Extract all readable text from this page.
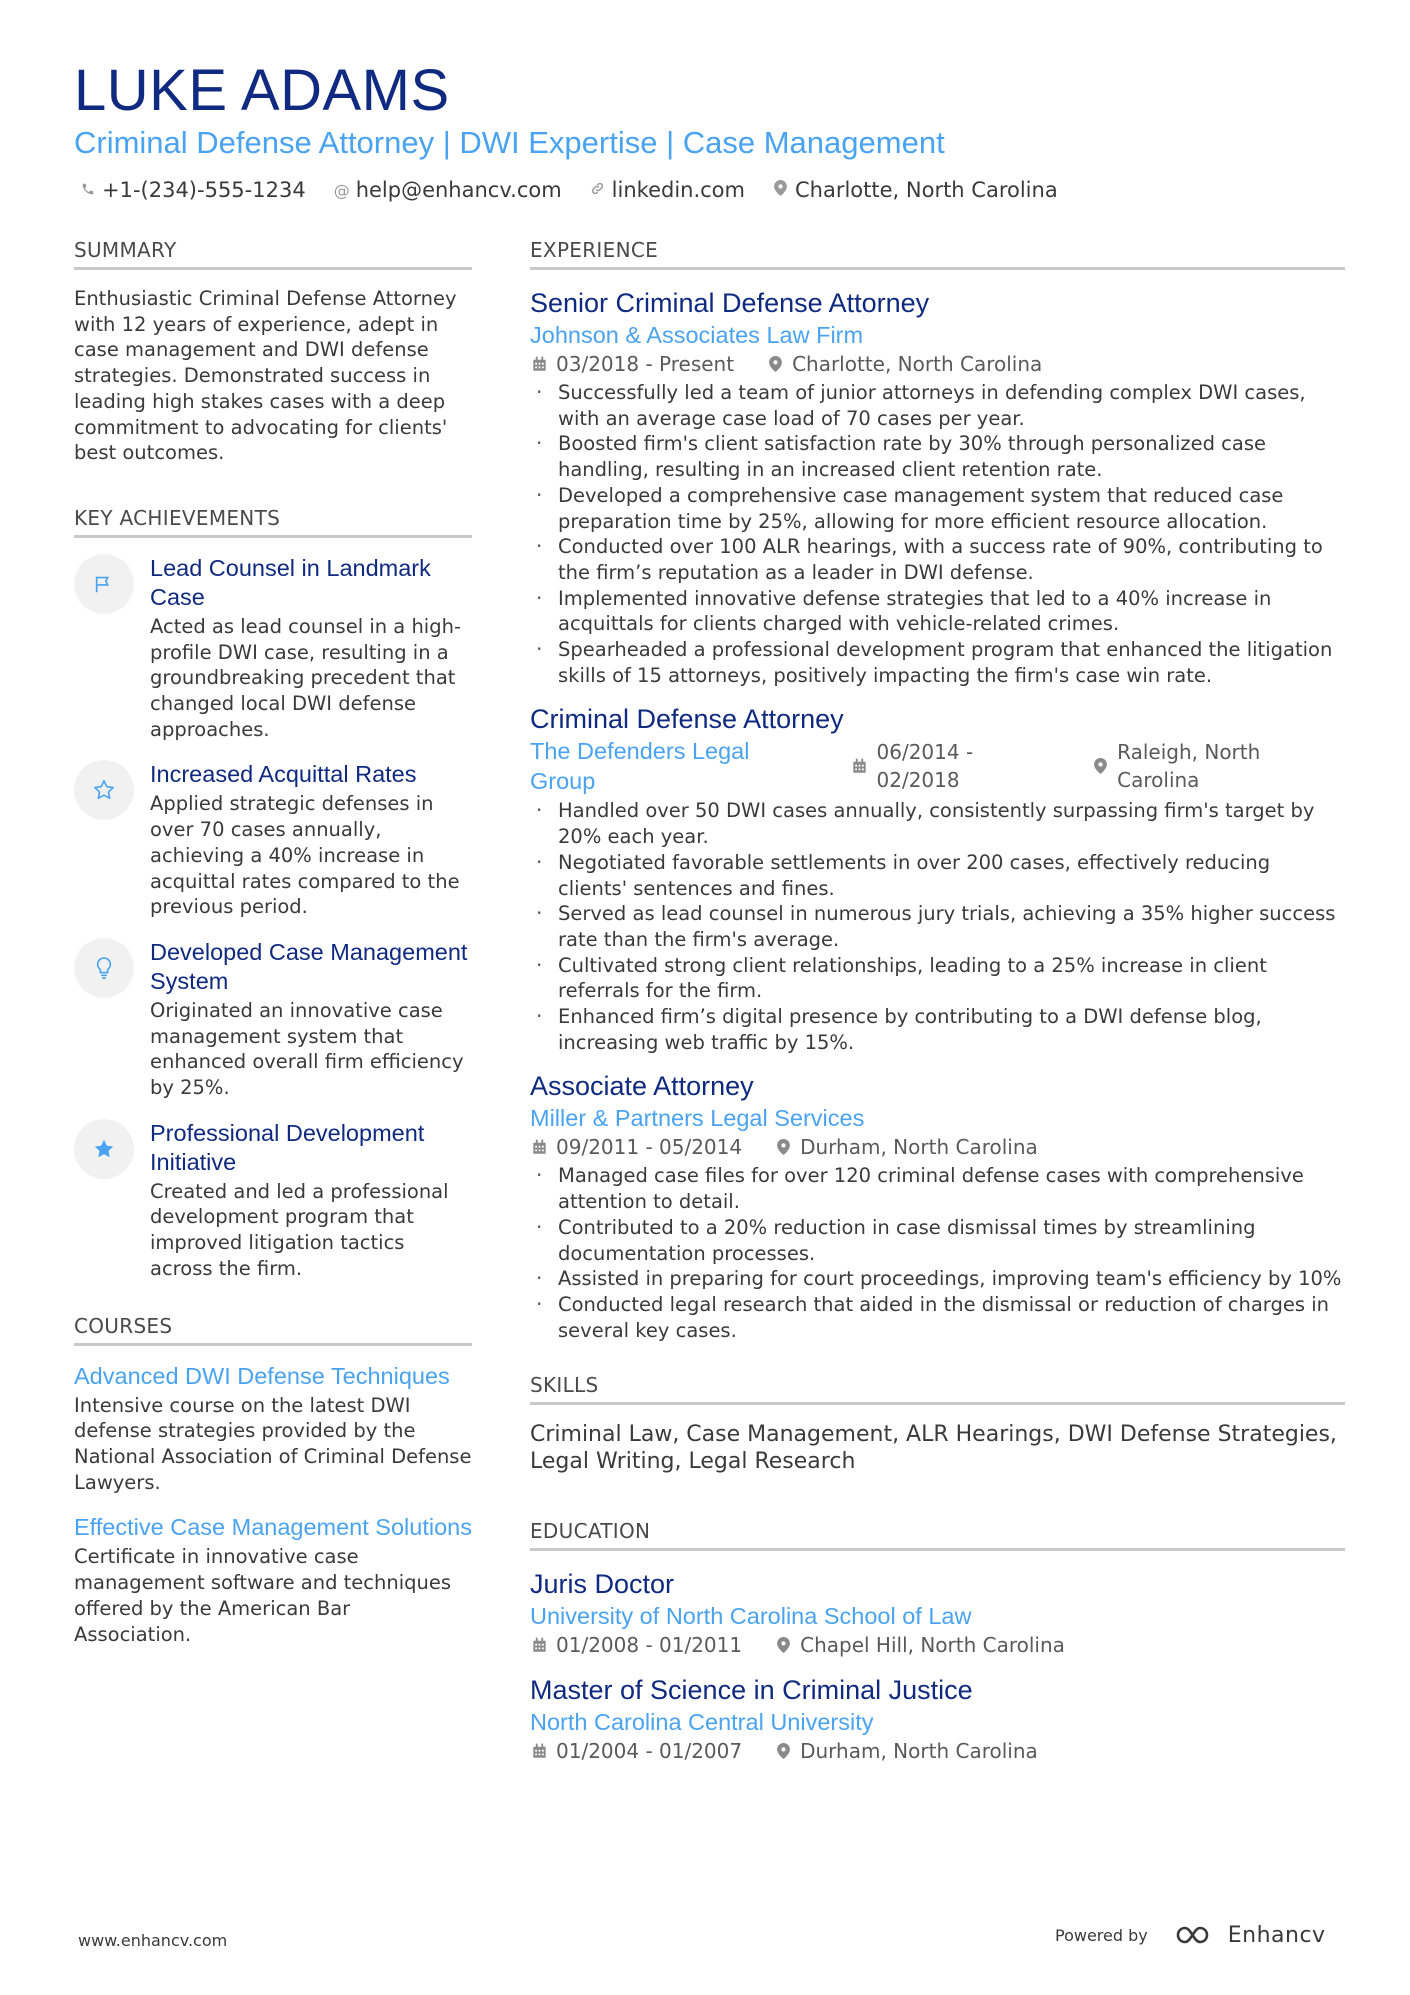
LUKE ADAMS
Criminal Defense Attorney | DWI Expertise | Case Management
+1-(234)-555-1234 @ help@enhancv.com linkedin.com Charlotte, North Carolina
SUMMARY
Enthusiastic Criminal Defense Attorney with 12 years of experience, adept in case management and DWI defense strategies. Demonstrated success in leading high stakes cases with a deep commitment to advocating for clients' best outcomes.
KEY ACHIEVEMENTS
Lead Counsel in Landmark Case
Acted as lead counsel in a high-profile DWI case, resulting in a groundbreaking precedent that changed local DWI defense approaches.
Increased Acquittal Rates
Applied strategic defenses in over 70 cases annually, achieving a 40% increase in acquittal rates compared to the previous period.
Developed Case Management System
Originated an innovative case management system that enhanced overall firm efficiency by 25%.
Professional Development Initiative
Created and led a professional development program that improved litigation tactics across the firm.
COURSES
Advanced DWI Defense Techniques
Intensive course on the latest DWI defense strategies provided by the National Association of Criminal Defense Lawyers.
Effective Case Management Solutions
Certificate in innovative case management software and techniques offered by the American Bar Association.
EXPERIENCE
Senior Criminal Defense Attorney
Johnson & Associates Law Firm
03/2018 - Present	Charlotte, North Carolina
· Successfully led a team of junior attorneys in defending complex DWI cases, with an average case load of 70 cases per year.
· Boosted firm's client satisfaction rate by 30% through personalized case handling, resulting in an increased client retention rate.
· Developed a comprehensive case management system that reduced case preparation time by 25%, allowing for more efficient resource allocation.
· Conducted over 100 ALR hearings, with a success rate of 90%, contributing to the firm’s reputation as a leader in DWI defense.
· Implemented innovative defense strategies that led to a 40% increase in acquittals for clients charged with vehicle-related crimes.
· Spearheaded a professional development program that enhanced the litigation skills of 15 attorneys, positively impacting the firm's case win rate.
Criminal Defense Attorney
The Defenders Legal Group
06/2014 - 02/2018
Raleigh, North Carolina
· Handled over 50 DWI cases annually, consistently surpassing firm's target by 20% each year.
· Negotiated favorable settlements in over 200 cases, effectively reducing clients' sentences and fines.
· Served as lead counsel in numerous jury trials, achieving a 35% higher success rate than the firm's average.
· Cultivated strong client relationships, leading to a 25% increase in client referrals for the firm.
· Enhanced firm’s digital presence by contributing to a DWI defense blog, increasing web traffic by 15%.
Associate Attorney
Miller & Partners Legal Services
09/2011 - 05/2014	Durham, North Carolina
· Managed case files for over 120 criminal defense cases with comprehensive attention to detail.
· Contributed to a 20% reduction in case dismissal times by streamlining documentation processes.
· Assisted in preparing for court proceedings, improving team's efficiency by 10%
· Conducted legal research that aided in the dismissal or reduction of charges in several key cases.
SKILLS
Criminal Law, Case Management, ALR Hearings, DWI Defense Strategies, Legal Writing, Legal Research
EDUCATION
Juris Doctor
University of North Carolina School of Law
01/2008 - 01/2011	Chapel Hill, North Carolina
Master of Science in Criminal Justice
North Carolina Central University
01/2004 - 01/2007	Durham, North Carolina
www.enhancv.com	Powered by	Enhancv
